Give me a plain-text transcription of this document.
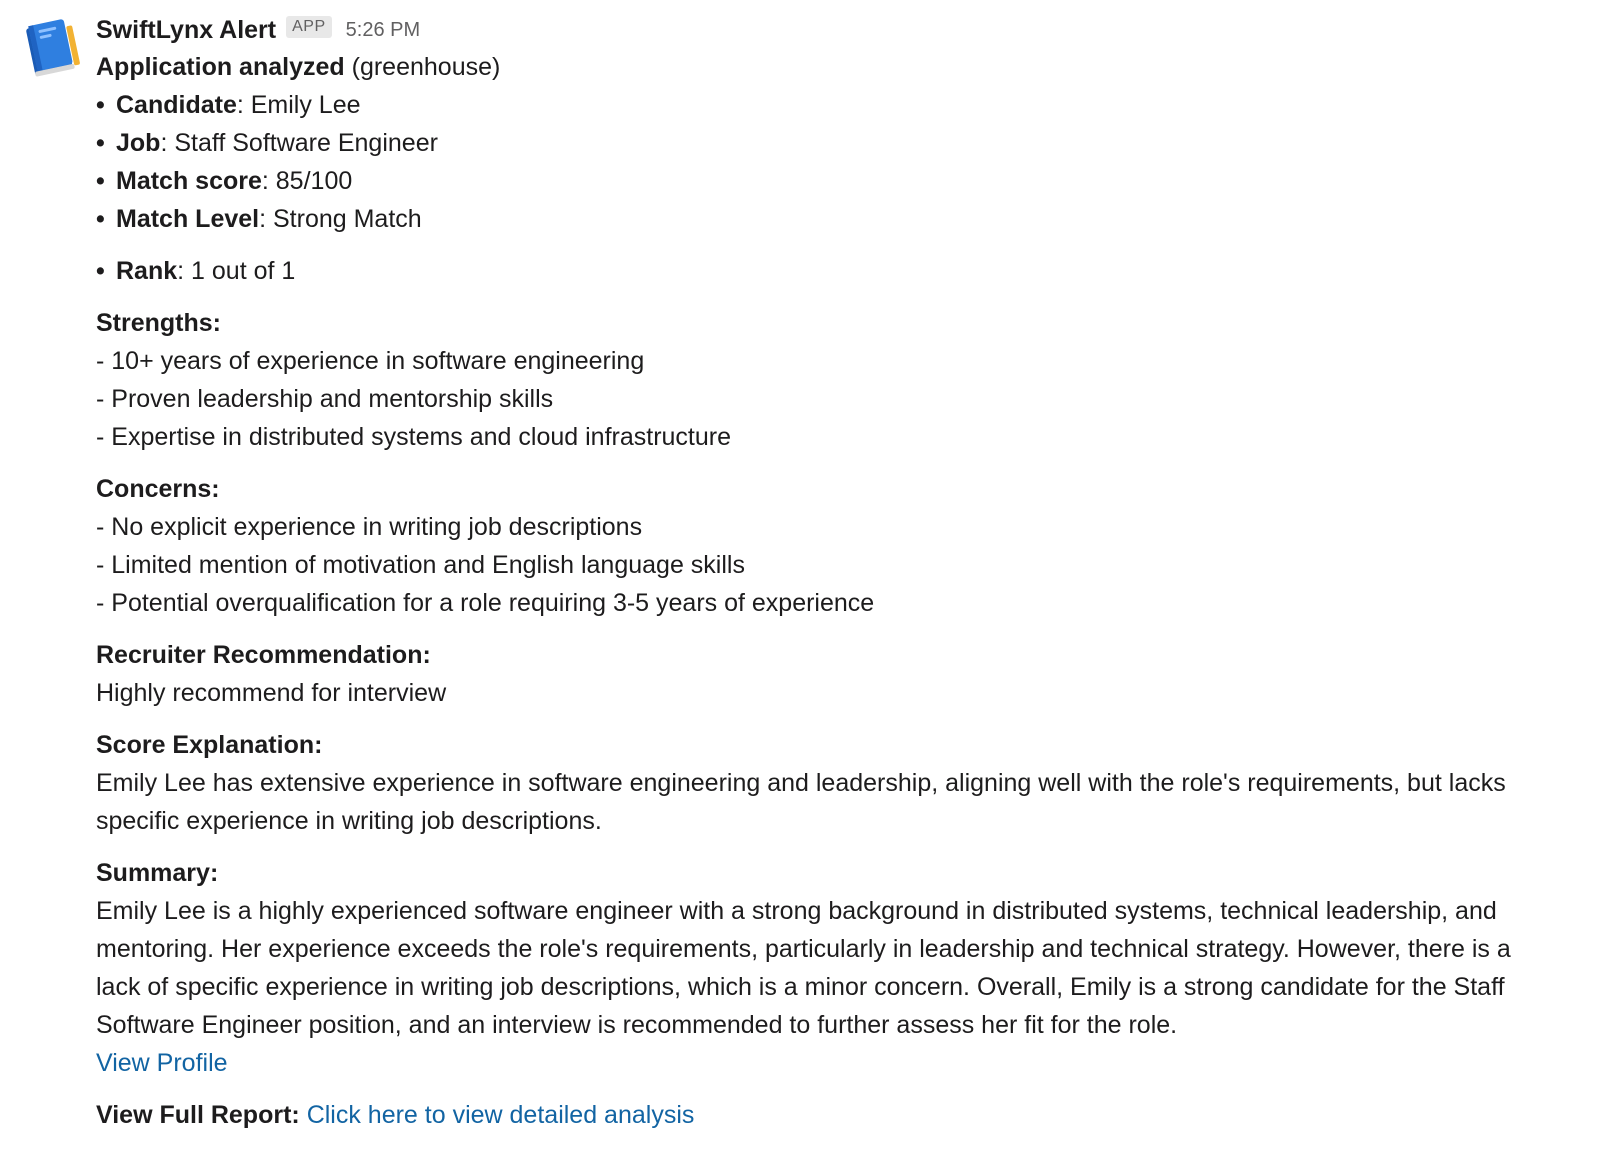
SwiftLynx Alert	APP	5:26 PM
Application analyzed (greenhouse)
• Candidate: Emily Lee
• Job: Staff Software Engineer
• Match score: 85/100
• Match Level: Strong Match
• Rank: 1 out of 1
Strengths:
- 10+ years of experience in software engineering
- Proven leadership and mentorship skills
- Expertise in distributed systems and cloud infrastructure
Concerns:
- No explicit experience in writing job descriptions
- Limited mention of motivation and English language skills
- Potential overqualification for a role requiring 3-5 years of experience
Recruiter Recommendation:
Highly recommend for interview
Score Explanation:
Emily Lee has extensive experience in software engineering and leadership, aligning well with the role's requirements, but lacks specific experience in writing job descriptions.
Summary:
Emily Lee is a highly experienced software engineer with a strong background in distributed systems, technical leadership, and mentoring. Her experience exceeds the role's requirements, particularly in leadership and technical strategy. However, there is a lack of specific experience in writing job descriptions, which is a minor concern. Overall, Emily is a strong candidate for the Staff Software Engineer position, and an interview is recommended to further assess her fit for the role.
View Profile
View Full Report: Click here to view detailed analysis
